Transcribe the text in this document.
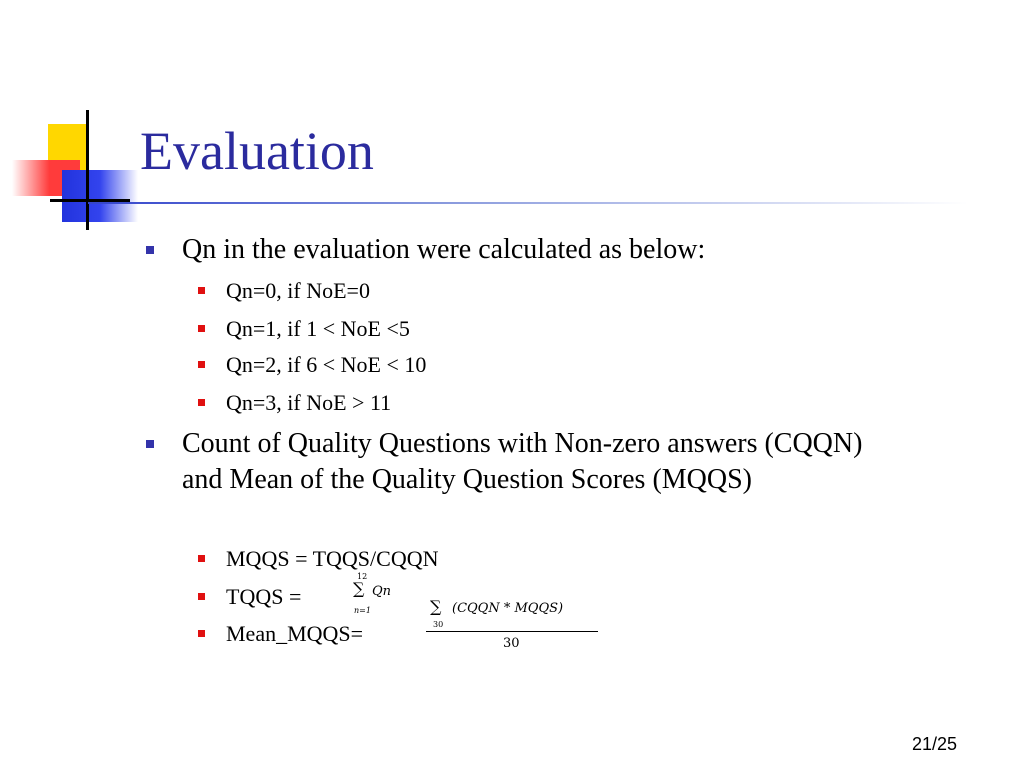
Evaluation
Qn in the evaluation were calculated as below:
Qn=0, if NoE=0
Qn=1, if 1 < NoE <5
Qn=2, if 6 < NoE < 10
Qn=3, if NoE > 11
Count of Quality Questions with Non-zero answers (CQQN) and Mean of the Quality Question Scores (MQQS)
MQQS = TQQS/CQQN
TQQS =
Mean_MQQS=
12
∑ Qn
n=1	∑ (CQQN * MQQS)
30
30
21/25
